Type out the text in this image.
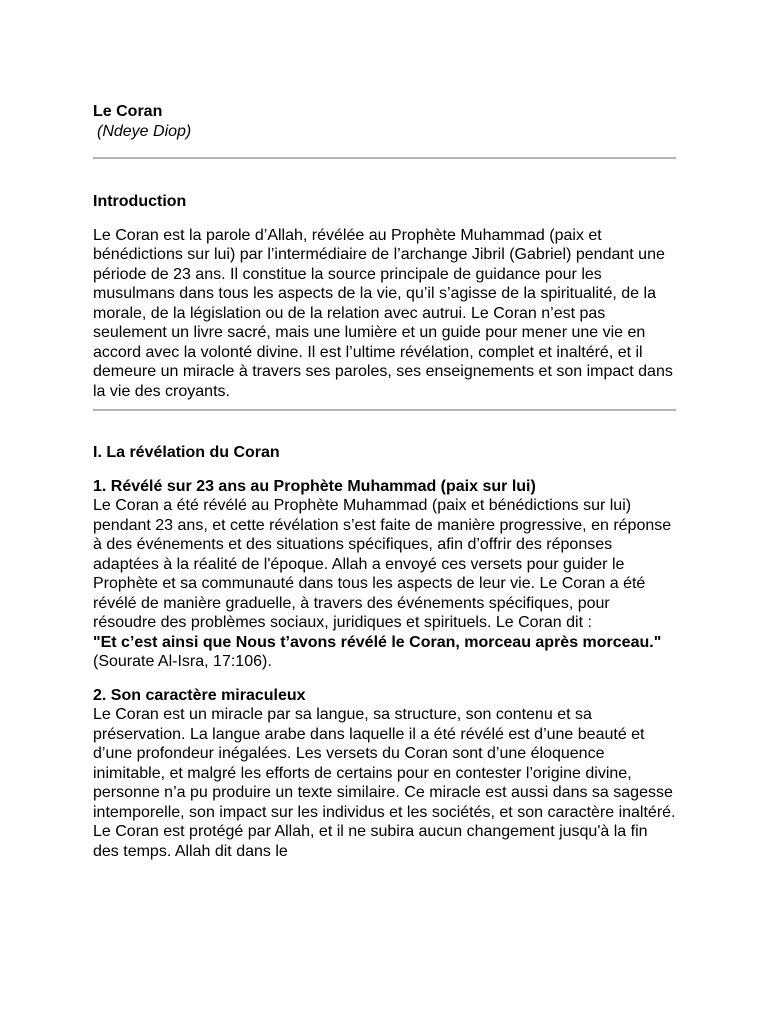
Le Coran

(Ndeye Diop)

Introduction

Le Coran est la parole d’Allah, révélée au Prophète Muhammad (paix et bénédictions sur lui) par l’intermédiaire de l’archange Jibril (Gabriel) pendant une période de 23 ans. Il constitue la source principale de guidance pour les musulmans dans tous les aspects de la vie, qu’il s’agisse de la spiritualité, de la morale, de la législation ou de la relation avec autrui. Le Coran n’est pas seulement un livre sacré, mais une lumière et un guide pour mener une vie en accord avec la volonté divine. Il est l’ultime révélation, complet et inaltéré, et il demeure un miracle à travers ses paroles, ses enseignements et son impact dans la vie des croyants.

I. La révélation du Coran

1. Révélé sur 23 ans au Prophète Muhammad (paix sur lui)

Le Coran a été révélé au Prophète Muhammad (paix et bénédictions sur lui) pendant 23 ans, et cette révélation s’est faite de manière progressive, en réponse à des événements et des situations spécifiques, afin d’offrir des réponses adaptées à la réalité de l'époque. Allah a envoyé ces versets pour guider le Prophète et sa communauté dans tous les aspects de leur vie. Le Coran a été révélé de manière graduelle, à travers des événements spécifiques, pour résoudre des problèmes sociaux, juridiques et spirituels. Le Coran dit :

"Et c’est ainsi que Nous t’avons révélé le Coran, morceau après morceau."

(Sourate Al-Isra, 17:106).

2. Son caractère miraculeux

Le Coran est un miracle par sa langue, sa structure, son contenu et sa préservation. La langue arabe dans laquelle il a été révélé est d’une beauté et d’une profondeur inégalées. Les versets du Coran sont d’une éloquence inimitable, et malgré les efforts de certains pour en contester l’origine divine, personne n’a pu produire un texte similaire. Ce miracle est aussi dans sa sagesse intemporelle, son impact sur les individus et les sociétés, et son caractère inaltéré. Le Coran est protégé par Allah, et il ne subira aucun changement jusqu'à la fin des temps. Allah dit dans le
